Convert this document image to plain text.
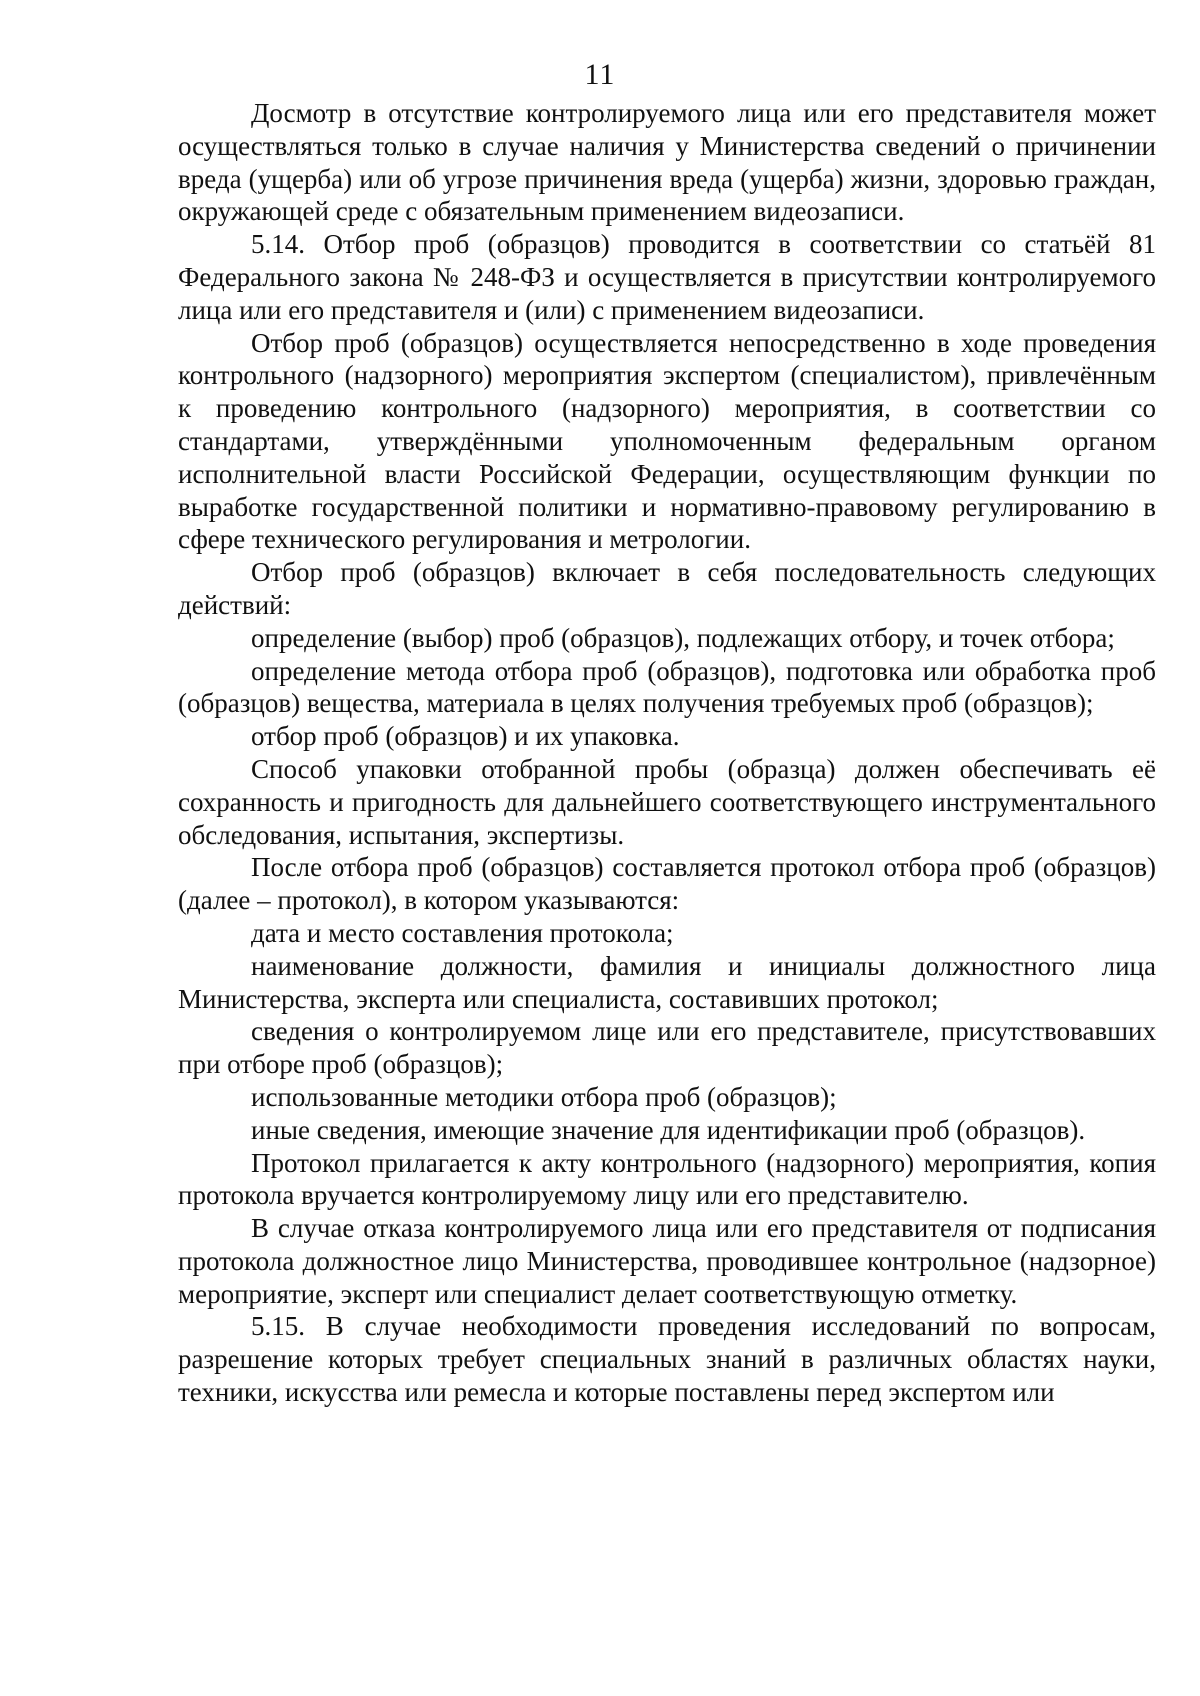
11

Досмотр в отсутствие контролируемого лица или его представителя может осуществляться только в случае наличия у Министерства сведений о причинении вреда (ущерба) или об угрозе причинения вреда (ущерба) жизни, здоровью граждан, окружающей среде с обязательным применением видеозаписи.

5.14. Отбор проб (образцов) проводится в соответствии со статьёй 81 Федерального закона № 248-ФЗ и осуществляется в присутствии контролируемого лица или его представителя и (или) с применением видеозаписи.

Отбор проб (образцов) осуществляется непосредственно в ходе проведения контрольного (надзорного) мероприятия экспертом (специалистом), привлечённым к проведению контрольного (надзорного) мероприятия, в соответствии со стандартами, утверждёнными уполномоченным федеральным органом исполнительной власти Российской Федерации, осуществляющим функции по выработке государственной политики и нормативно-правовому регулированию в сфере технического регулирования и метрологии.

Отбор проб (образцов) включает в себя последовательность следующих действий:

определение (выбор) проб (образцов), подлежащих отбору, и точек отбора;

определение метода отбора проб (образцов), подготовка или обработка проб (образцов) вещества, материала в целях получения требуемых проб (образцов);

отбор проб (образцов) и их упаковка.

Способ упаковки отобранной пробы (образца) должен обеспечивать её сохранность и пригодность для дальнейшего соответствующего инструментального обследования, испытания, экспертизы.

После отбора проб (образцов) составляется протокол отбора проб (образцов) (далее – протокол), в котором указываются:

дата и место составления протокола;

наименование должности, фамилия и инициалы должностного лица Министерства, эксперта или специалиста, составивших протокол;

сведения о контролируемом лице или его представителе, присутствовавших при отборе проб (образцов);

использованные методики отбора проб (образцов);

иные сведения, имеющие значение для идентификации проб (образцов).

Протокол прилагается к акту контрольного (надзорного) мероприятия, копия протокола вручается контролируемому лицу или его представителю.

В случае отказа контролируемого лица или его представителя от подписания протокола должностное лицо Министерства, проводившее контрольное (надзорное) мероприятие, эксперт или специалист делает соответствующую отметку.

5.15. В случае необходимости проведения исследований по вопросам, разрешение которых требует специальных знаний в различных областях науки, техники, искусства или ремесла и которые поставлены перед экспертом или
